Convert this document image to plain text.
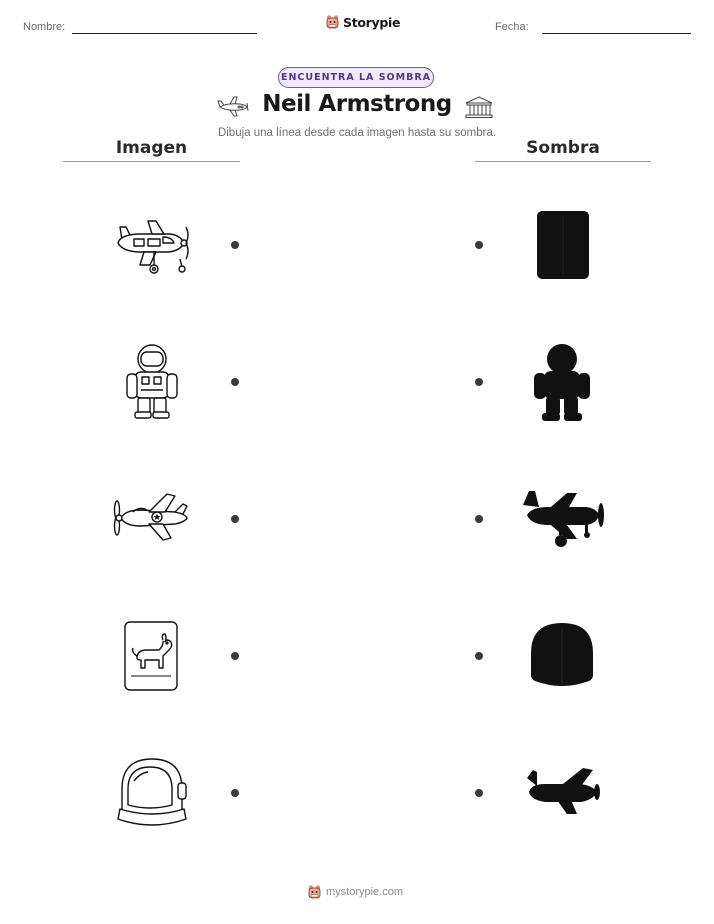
Nombre:	Storypie	Fecha:
ENCUENTRA LA SOMBRA
Neil Armstrong
Dibuja una línea desde cada imagen hasta su sombra.
Imagen	Sombra
mystorypie.com
